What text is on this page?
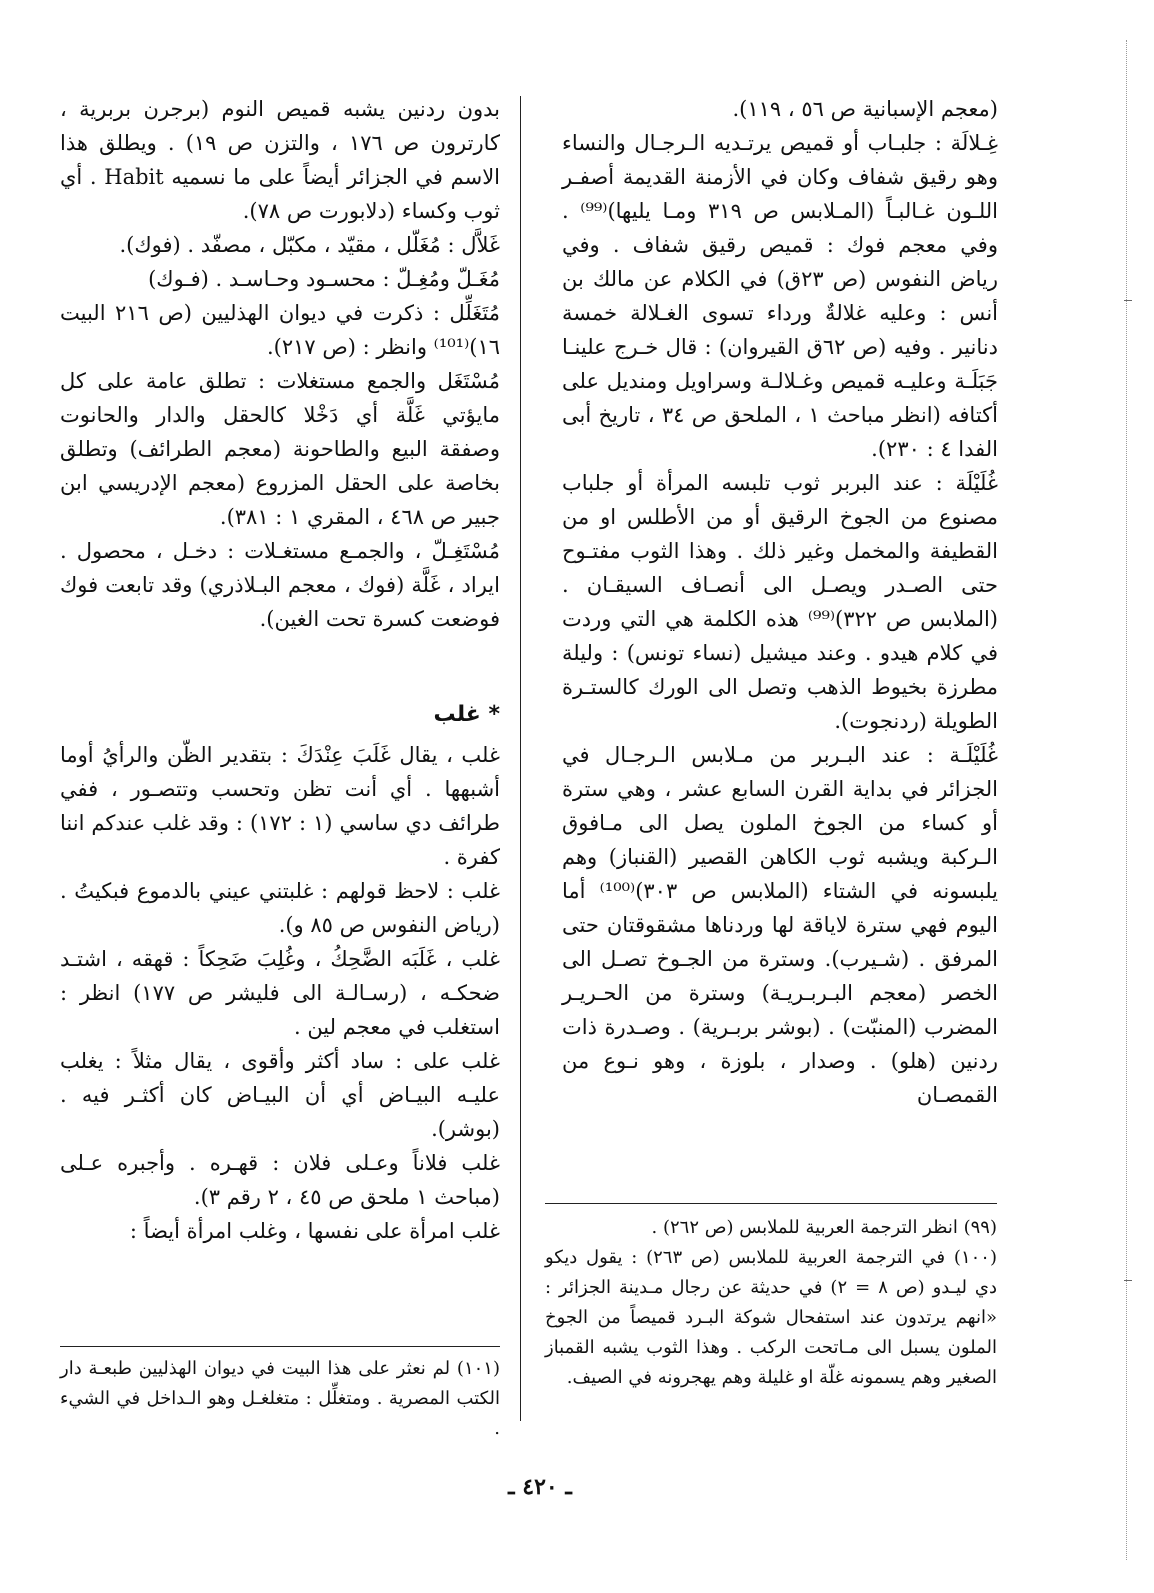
(معجم الإسبانية ص ٥٦ ، ١١٩).

غِـلالَة : جلبـاب أو قميص يرتـديه الـرجـال والنساء وهو رقيق شفاف وكان في الأزمنة القديمة أصفـر اللـون غـالبـاً (المـلابس ص ٣١٩ ومـا يليها)⁽⁹⁹⁾ . وفي معجم فوك : قميص رقيق شفاف . وفي رياض النفوس (ص ٢٣ق) في الكلام عن مالك بن أنس : وعليه غلالةٌ ورداء تسوى الغـلالة خمسة دنانير . وفيه (ص ٦٢ق القيروان) : قال خـرج علينـا جَبَلَـة وعليـه قميص وغـلالـة وسراويل ومنديل على أكتافه (انظر مباحث ١ ، الملحق ص ٣٤ ، تاريخ أبى الفدا ٤ : ٢٣٠).

غُلَيْلَة : عند البربر ثوب تلبسه المرأة أو جلباب مصنوع من الجوخ الرقيق أو من الأطلس او من القطيفة والمخمل وغير ذلك . وهذا الثوب مفتـوح حتى الصـدر ويصـل الى أنصـاف السيقـان . (الملابس ص ٣٢٢)⁽⁹⁹⁾ هذه الكلمة هي التي وردت في كلام هيدو . وعند ميشيل (نساء تونس) : وليلة مطرزة بخيوط الذهب وتصل الى الورك كالستـرة الطويلة (ردنجوت).

غُلَيْلَـة : عند البـربر من مـلابس الـرجـال في الجزائر في بداية القرن السابع عشر ، وهي سترة أو كساء من الجوخ الملون يصل الى مـافوق الـركبة ويشبه ثوب الكاهن القصير (القنباز) وهم يلبسونه في الشتاء (الملابس ص ٣٠٣)⁽¹⁰⁰⁾ أما اليوم فهي سترة لاياقة لها وردناها مشقوقتان حتى المرفق . (شـيرب). وسترة من الجـوخ تصـل الى الخصر (معجم البـربـريـة) وسترة من الحـريـر المضرب (المنبّت) . (بوشر بربـرية) . وصـدرة ذات ردنين (هلو) . وصدار ، بلوزة ، وهو نـوع من القمصـان

بدون ردنين يشبه قميص النوم (برجرن بربرية ، كارترون ص ١٧٦ ، والتزن ص ١٩) . ويطلق هذا الاسم في الجزائر أيضاً على ما نسميه Habit . أي ثوب وكساء (دلابورت ص ٧٨).

غَلاَّل : مُغَلّل ، مقيّد ، مكبّل ، مصفّد . (فوك).

مُغَـلّ ومُغِـلّ : محسـود وحـاسـد . (فـوك)

مُتَغَلِّل : ذكرت في ديوان الهذليين (ص ٢١٦ البيت ١٦)⁽¹⁰¹⁾ وانظر : (ص ٢١٧).

مُسْتَغَل والجمع مستغلات : تطلق عامة على كل مايؤتي غَلَّة أي دَخْلا كالحقل والدار والحانوت وصفقة البيع والطاحونة (معجم الطرائف) وتطلق بخاصة على الحقل المزروع (معجم الإدريسي ابن جبير ص ٤٦٨ ، المقري ١ : ٣٨١).

مُسْتَغِـلّ ، والجمـع مستغـلات : دخـل ، محصول . ايراد ، غَلَّة (فوك ، معجم البـلاذري) وقد تابعت فوك فوضعت كسرة تحت الغين).

* غلب

غلب ، يقال غَلَبَ عِنْدَكَ : بتقدير الظّن والرأيُ أوما أشبهها . أي أنت تظن وتحسب وتتصـور ، ففي طرائف دي ساسي (١ : ١٧٢) : وقد غلب عندكم اننا كفرة .

غلب : لاحظ قولهم : غلبتني عيني بالدموع فبكيتُ . (رياض النفوس ص ٨٥ و).

غلب ، غَلَبَه الضَّحِكُ ، وغُلِبَ ضَحِكاً : قهقه ، اشتـد ضحكـه ، (رسـالـة الى فليشر ص ١٧٧) انظر : استغلب في معجم لين .

غلب على : ساد أكثر وأقوى ، يقال مثلاً : يغلب عليـه البيـاض أي أن البيـاض كان أكثـر فيه . (بوشر).

غلب فلاناً وعـلى فلان : قهـره . وأجبره عـلى (مباحث ١ ملحق ص ٤٥ ، ٢ رقم ٣).

غلب امرأة على نفسها ، وغلب امرأة أيضاً :	(٩٩) انظر الترجمة العربية للملابس (ص ٢٦٢) .

(١٠٠) في الترجمة العربية للملابس (ص ٢٦٣) : يقول ديكو دي ليـدو (ص ٨ = ٢) في حديثة عن رجال مـدينة الجزائر : «انهم يرتدون عند استفحال شوكة البـرد قميصاً من الجوخ الملون يسبل الى مـاتحت الركب . وهذا الثوب يشبه القمباز الصغير وهم يسمونه غلّة او غليلة وهم يهجرونه في الصيف.

(١٠١) لم نعثر على هذا البيت في ديوان الهذليين طبعـة دار الكتب المصرية . ومتغلِّل : متغلغـل وهو الـداخل في الشيء .

ـ ٤٢٠ ـ
